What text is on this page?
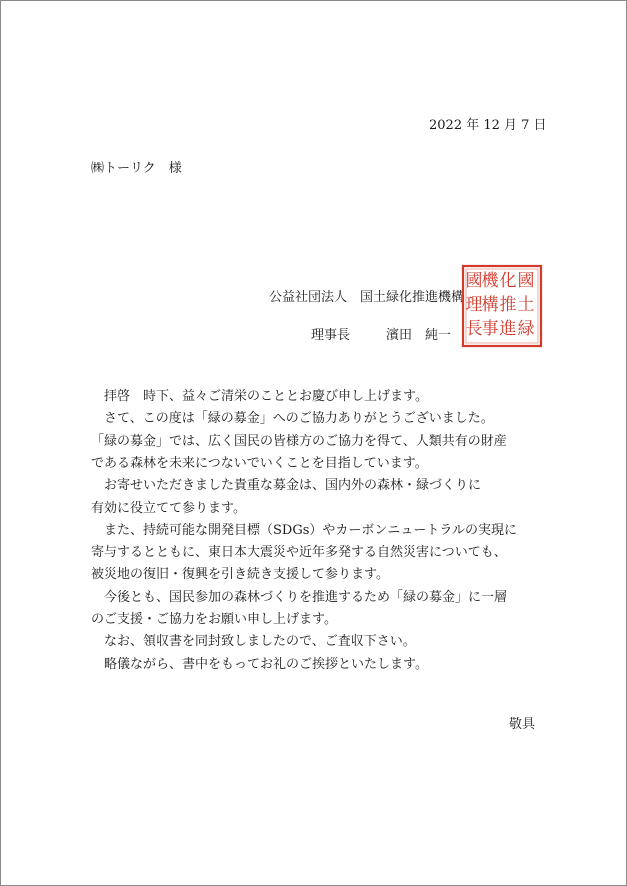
2022 年 12 月 7 日
㈱トーリク　様
公益社団法人　国土緑化推進機構
理事長	濱田　純一
國
土
緑
化
推
進
機
構
事
國
理
長
　拝啓　時下、益々ご清栄のこととお慶び申し上げます。
　さて、この度は「緑の募金」へのご協力ありがとうございました。
「緑の募金」では、広く国民の皆様方のご協力を得て、人類共有の財産
である森林を未来につないでいくことを目指しています。
　お寄せいただきました貴重な募金は、国内外の森林・緑づくりに
有効に役立てて参ります。
　また、持続可能な開発目標（SDGs）やカーボンニュートラルの実現に
寄与するとともに、東日本大震災や近年多発する自然災害についても、
被災地の復旧・復興を引き続き支援して参ります。
　今後とも、国民参加の森林づくりを推進するため「緑の募金」に一層
のご支援・ご協力をお願い申し上げます。
　なお、領収書を同封致しましたので、ご査収下さい。
　略儀ながら、書中をもってお礼のご挨拶といたします。
敬具
